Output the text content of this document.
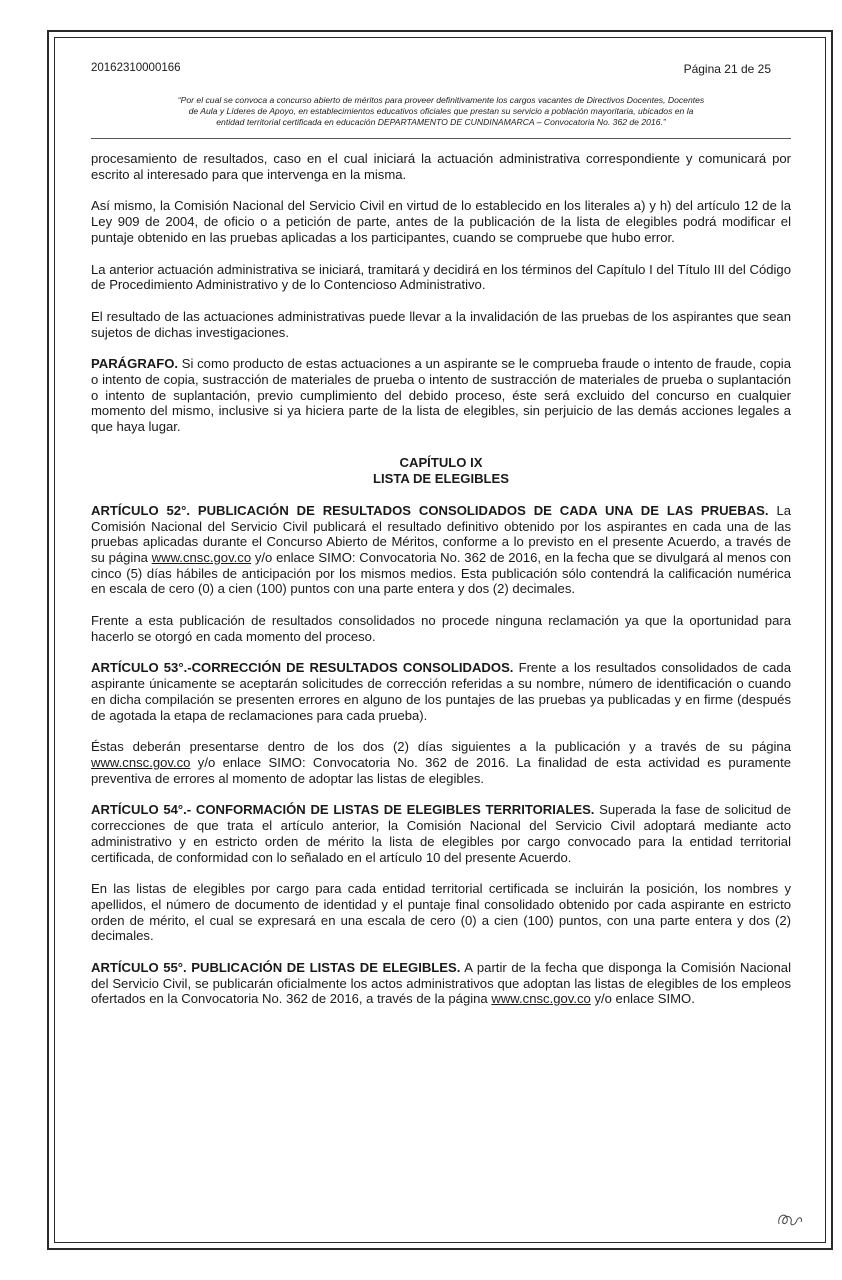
20162310000166	Página 21 de 25
“Por el cual se convoca a concurso abierto de méritos para proveer definitivamente los cargos vacantes de Directivos Docentes, Docentes
de Aula y Líderes de Apoyo, en establecimientos educativos oficiales que prestan su servicio a población mayoritaria, ubicados en la
entidad territorial certificada en educación DEPARTAMENTO DE CUNDINAMARCA – Convocatoria No. 362 de 2016.”

procesamiento de resultados, caso en el cual iniciará la actuación administrativa correspondiente y comunicará por escrito al interesado para que intervenga en la misma.

Así mismo, la Comisión Nacional del Servicio Civil en virtud de lo establecido en los literales a) y h) del artículo 12 de la Ley 909 de 2004, de oficio o a petición de parte, antes de la publicación de la lista de elegibles podrá modificar el puntaje obtenido en las pruebas aplicadas a los participantes, cuando se compruebe que hubo error.

La anterior actuación administrativa se iniciará, tramitará y decidirá en los términos del Capítulo I del Título III del Código de Procedimiento Administrativo y de lo Contencioso Administrativo.

El resultado de las actuaciones administrativas puede llevar a la invalidación de las pruebas de los aspirantes que sean sujetos de dichas investigaciones.

PARÁGRAFO. Si como producto de estas actuaciones a un aspirante se le comprueba fraude o intento de fraude, copia o intento de copia, sustracción de materiales de prueba o intento de sustracción de materiales de prueba o suplantación o intento de suplantación, previo cumplimiento del debido proceso, éste será excluido del concurso en cualquier momento del mismo, inclusive si ya hiciera parte de la lista de elegibles, sin perjuicio de las demás acciones legales a que haya lugar.

CAPÍTULO IX
LISTA DE ELEGIBLES

ARTÍCULO 52°. PUBLICACIÓN DE RESULTADOS CONSOLIDADOS DE CADA UNA DE LAS PRUEBAS. La Comisión Nacional del Servicio Civil publicará el resultado definitivo obtenido por los aspirantes en cada una de las pruebas aplicadas durante el Concurso Abierto de Méritos, conforme a lo previsto en el presente Acuerdo, a través de su página www.cnsc.gov.co y/o enlace SIMO: Convocatoria No. 362 de 2016, en la fecha que se divulgará al menos con cinco (5) días hábiles de anticipación por los mismos medios. Esta publicación sólo contendrá la calificación numérica en escala de cero (0) a cien (100) puntos con una parte entera y dos (2) decimales.

Frente a esta publicación de resultados consolidados no procede ninguna reclamación ya que la oportunidad para hacerlo se otorgó en cada momento del proceso.

ARTÍCULO 53°.-CORRECCIÓN DE RESULTADOS CONSOLIDADOS. Frente a los resultados consolidados de cada aspirante únicamente se aceptarán solicitudes de corrección referidas a su nombre, número de identificación o cuando en dicha compilación se presenten errores en alguno de los puntajes de las pruebas ya publicadas y en firme (después de agotada la etapa de reclamaciones para cada prueba).

Éstas deberán presentarse dentro de los dos (2) días siguientes a la publicación y a través de su página www.cnsc.gov.co y/o enlace SIMO: Convocatoria No. 362 de 2016. La finalidad de esta actividad es puramente preventiva de errores al momento de adoptar las listas de elegibles.

ARTÍCULO 54°.- CONFORMACIÓN DE LISTAS DE ELEGIBLES TERRITORIALES. Superada la fase de solicitud de correcciones de que trata el artículo anterior, la Comisión Nacional del Servicio Civil adoptará mediante acto administrativo y en estricto orden de mérito la lista de elegibles por cargo convocado para la entidad territorial certificada, de conformidad con lo señalado en el artículo 10 del presente Acuerdo.

En las listas de elegibles por cargo para cada entidad territorial certificada se incluirán la posición, los nombres y apellidos, el número de documento de identidad y el puntaje final consolidado obtenido por cada aspirante en estricto orden de mérito, el cual se expresará en una escala de cero (0) a cien (100) puntos, con una parte entera y dos (2) decimales.

ARTÍCULO 55°. PUBLICACIÓN DE LISTAS DE ELEGIBLES. A partir de la fecha que disponga la Comisión Nacional del Servicio Civil, se publicarán oficialmente los actos administrativos que adoptan las listas de elegibles de los empleos ofertados en la Convocatoria No. 362 de 2016, a través de la página www.cnsc.gov.co y/o enlace SIMO.
